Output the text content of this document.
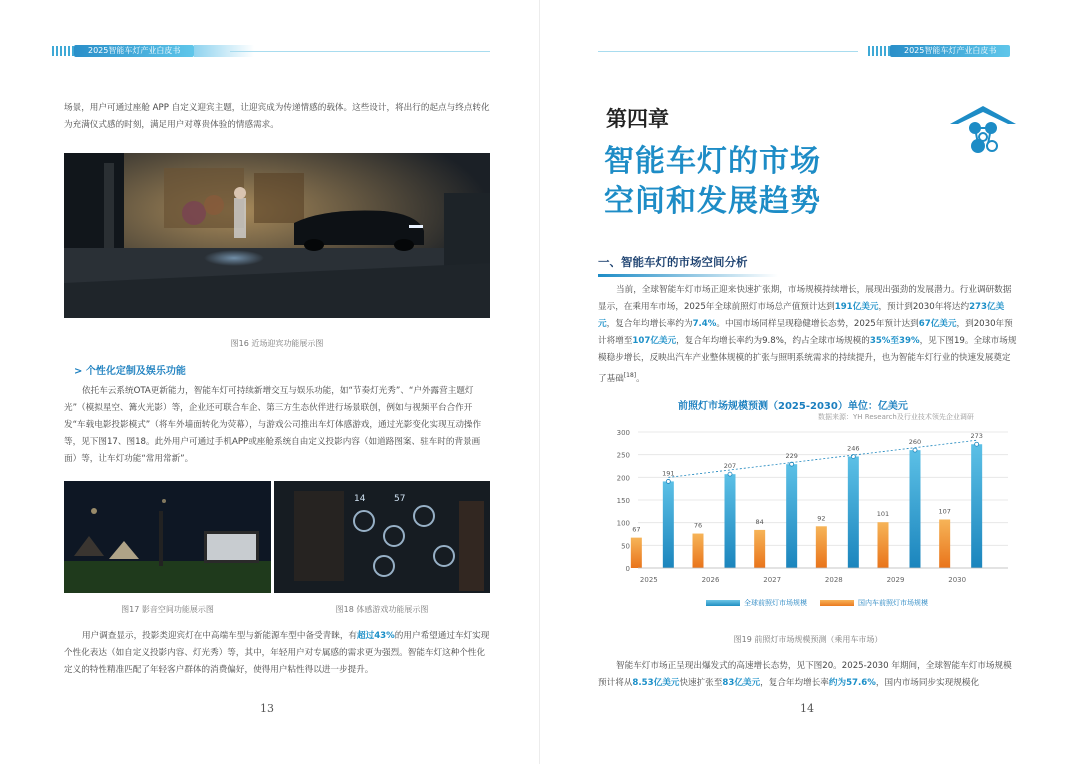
2025智能车灯产业白皮书

场景，用户可通过座舱 APP 自定义迎宾主题，让迎宾成为传递情感的载体。这些设计，将出行的起点与终点转化为充满仪式感的时刻，满足用户对尊贵体验的情感需求。

图16 近场迎宾功能展示图
> 个性化定制及娱乐功能

依托车云系统OTA更新能力，智能车灯可持续新增交互与娱乐功能，如“节奏灯光秀”、“户外露营主题灯光”（模拟星空、篝火光影）等，企业还可联合车企、第三方生态伙伴进行场景联创，例如与视频平台合作开发“车载电影投影模式”（将车外墙面转化为荧幕），与游戏公司推出车灯体感游戏，通过光影变化实现互动操作等，见下图17、图18。此外用户可通过手机APP或座舱系统自由定义投影内容（如道路图案、驻车时的背景画面）等，让车灯功能“常用常新”。

14	57
图17 影音空间功能展示图	图18 体感游戏功能展示图

用户调查显示，投影类迎宾灯在中高端车型与新能源车型中备受青睐，有超过43%的用户希望通过车灯实现个性化表达（如自定义投影内容、灯光秀）等，其中，年轻用户对专属感的需求更为强烈。智能车灯这种个性化定义的特性精准匹配了年轻客户群体的消费偏好，使得用户粘性得以进一步提升。

13
2025智能车灯产业白皮书
第四章
智能车灯的市场
空间和发展趋势
一、智能车灯的市场空间分析

当前，全球智能车灯市场正迎来快速扩张期，市场规模持续增长，展现出强劲的发展潜力。行业调研数据显示，在乘用车市场，2025年全球前照灯市场总产值预计达到191亿美元，预计到2030年将达约273亿美元，复合年均增长率约为7.4%。中国市场同样呈现稳健增长态势，2025年预计达到67亿美元，到2030年预计将增至107亿美元，复合年均增长率约为9.8%，约占全球市场规模的35%至39%，见下图19。全球市场规模稳步增长，反映出汽车产业整体规模的扩张与照明系统需求的持续提升，也为智能车灯行业的快速发展奠定了基础[18]。

前照灯市场规模预测（2025-2030）单位：亿美元
数据来源：YH Research及行业技术领先企业调研
0
50
100
150
200
250
300
191
67
2025
207
76
2026
229
84
2027
246
92
2028
260
101
2029
273
107
2030
全球前照灯市场规模	国内车前照灯市场规模
图19 前照灯市场规模预测（乘用车市场）

智能车灯市场正呈现出爆发式的高速增长态势，见下图20。2025-2030 年期间，全球智能车灯市场规模预计将从8.53亿美元快速扩张至83亿美元，复合年均增长率约为57.6%，国内市场同步实现规模化

14
